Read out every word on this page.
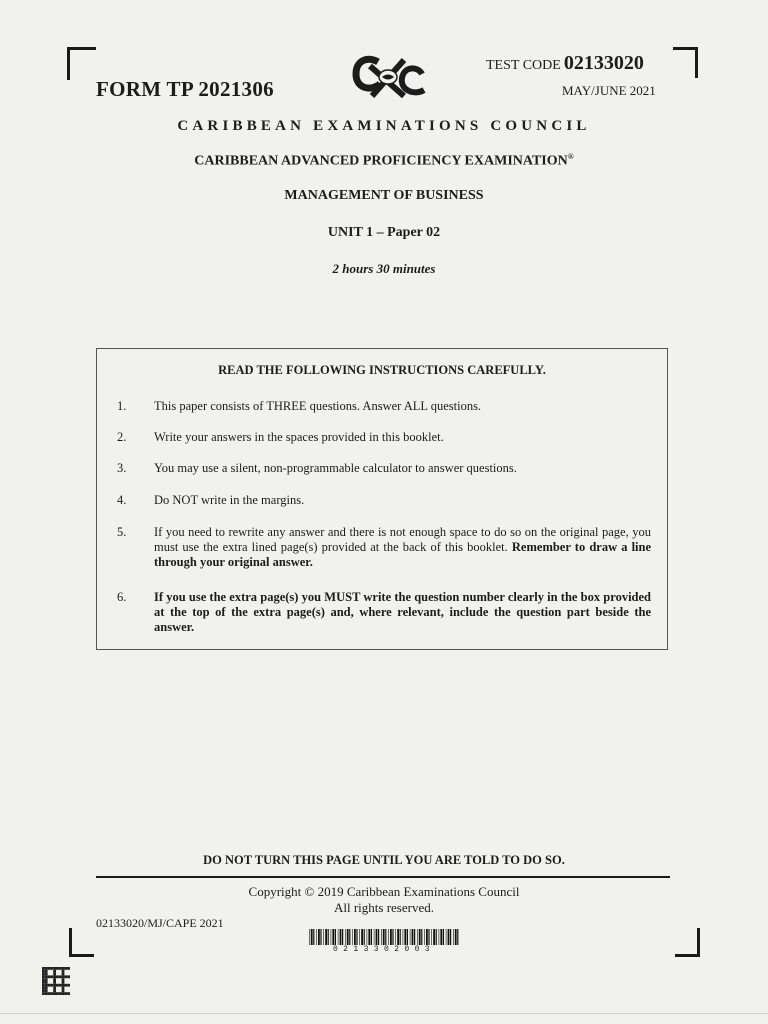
FORM TP 2021306
TEST CODE 02133020
MAY/JUNE 2021
CARIBBEAN EXAMINATIONS COUNCIL
CARIBBEAN ADVANCED PROFICIENCY EXAMINATION®
MANAGEMENT OF BUSINESS
UNIT 1 – Paper 02
2 hours 30 minutes
READ THE FOLLOWING INSTRUCTIONS CAREFULLY.
1.	This paper consists of THREE questions. Answer ALL questions.
2.	Write your answers in the spaces provided in this booklet.
3.	You may use a silent, non-programmable calculator to answer questions.
4.	Do NOT write in the margins.
5.	If you need to rewrite any answer and there is not enough space to do so on the original page, you must use the extra lined page(s) provided at the back of this booklet. Remember to draw a line through your original answer.
6.	If you use the extra page(s) you MUST write the question number clearly in the box provided at the top of the extra page(s) and, where relevant, include the question part beside the answer.
DO NOT TURN THIS PAGE UNTIL YOU ARE TOLD TO DO SO.
Copyright © 2019 Caribbean Examinations Council
All rights reserved.
02133020/MJ/CAPE 2021
0213302003
